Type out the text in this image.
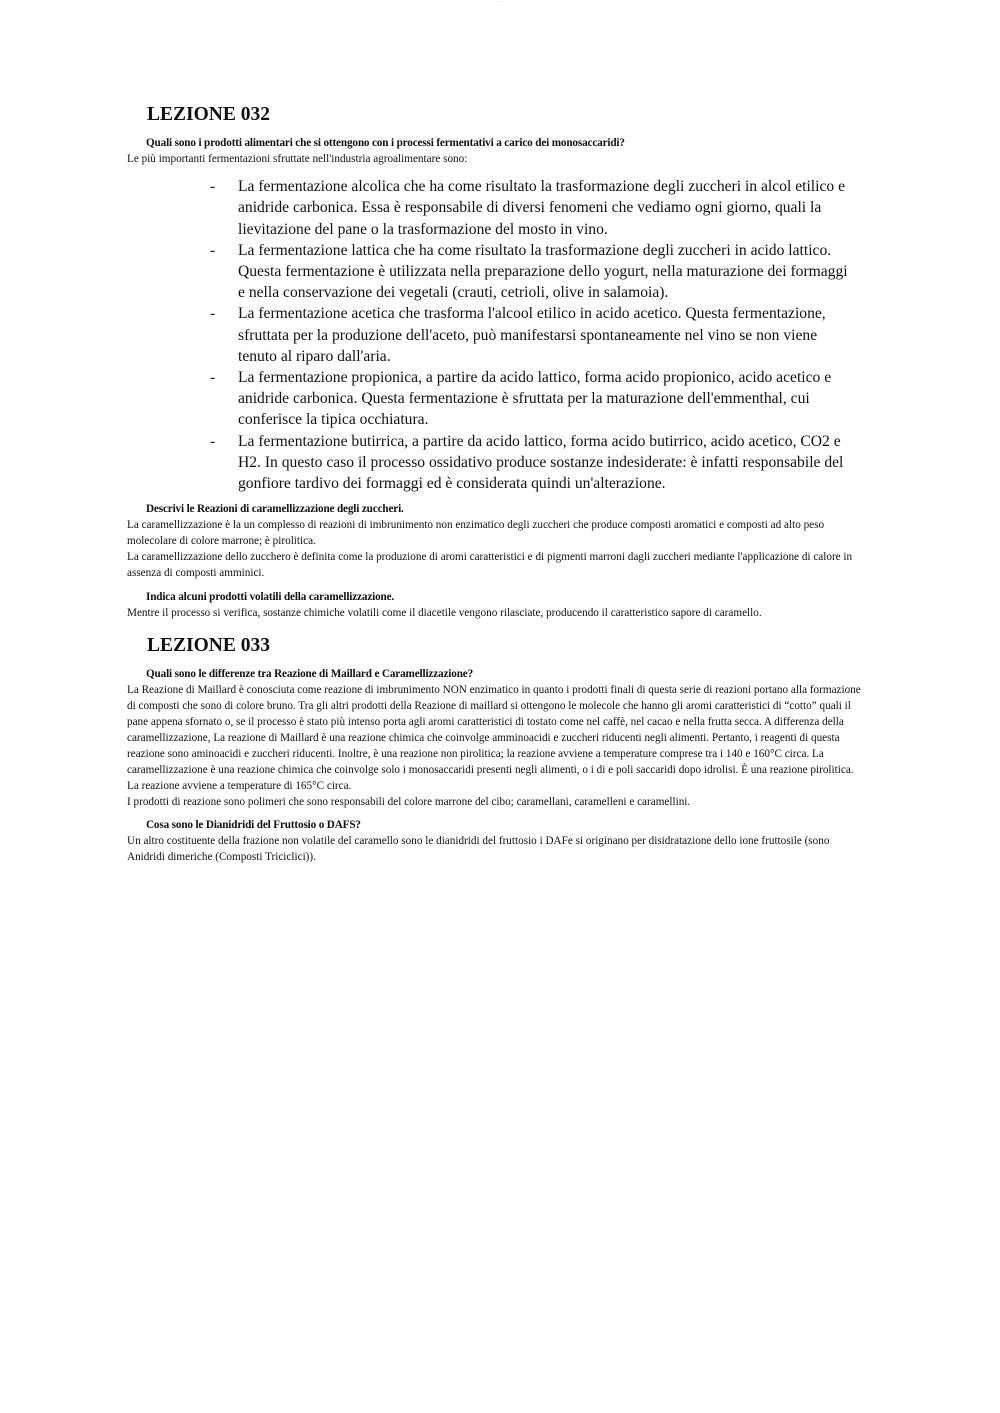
· · ·
LEZIONE 032
Quali sono i prodotti alimentari che si ottengono con i processi fermentativi a carico dei monosaccaridi?

Le più importanti fermentazioni sfruttate nell'industria agroalimentare sono:

- La fermentazione alcolica che ha come risultato la trasformazione degli zuccheri in alcol etilico e anidride carbonica. Essa è responsabile di diversi fenomeni che vediamo ogni giorno, quali la lievitazione del pane o la trasformazione del mosto in vino.
- La fermentazione lattica che ha come risultato la trasformazione degli zuccheri in acido lattico. Questa fermentazione è utilizzata nella preparazione dello yogurt, nella maturazione dei formaggi e nella conservazione dei vegetali (crauti, cetrioli, olive in salamoia).
- La fermentazione acetica che trasforma l'alcool etilico in acido acetico. Questa fermentazione, sfruttata per la produzione dell'aceto, può manifestarsi spontaneamente nel vino se non viene tenuto al riparo dall'aria.
- La fermentazione propionica, a partire da acido lattico, forma acido propionico, acido acetico e anidride carbonica. Questa fermentazione è sfruttata per la maturazione dell'emmenthal, cui conferisce la tipica occhiatura.
- La fermentazione butirrica, a partire da acido lattico, forma acido butirrico, acido acetico, CO2 e H2. In questo caso il processo ossidativo produce sostanze indesiderate: è infatti responsabile del gonfiore tardivo dei formaggi ed è considerata quindi un'alterazione.
Descrivi le Reazioni di caramellizzazione degli zuccheri.

La caramellizzazione è la un complesso di reazioni di imbrunimento non enzimatico degli zuccheri che produce composti aromatici e composti ad alto peso molecolare di colore marrone; è pirolitica.

La caramellizzazione dello zucchero è definita come la produzione di aromi caratteristici e di pigmenti marroni dagli zuccheri mediante l'applicazione di calore in assenza di composti amminici.

Indica alcuni prodotti volatili della caramellizzazione.

Mentre il processo si verifica, sostanze chimiche volatili come il diacetile vengono rilasciate, producendo il caratteristico sapore di caramello.

LEZIONE 033
Quali sono le differenze tra Reazione di Maillard e Caramellizzazione?

La Reazione di Maillard è conosciuta come reazione di imbrunimento NON enzimatico in quanto i prodotti finali di questa serie di reazioni portano alla formazione di composti che sono di colore bruno. Tra gli altri prodotti della Reazione di maillard si ottengono le molecole che hanno gli aromi caratteristici di “cotto” quali il pane appena sfornato o, se il processo è stato più intenso porta agli aromi caratteristici di tostato come nel caffè, nel cacao e nella frutta secca. A differenza della caramellizzazione, La reazione di Maillard è una reazione chimica che coinvolge amminoacidi e zuccheri riducenti negli alimenti. Pertanto, i reagenti di questa reazione sono aminoacidi e zuccheri riducenti. Inoltre, è una reazione non pirolitica; la reazione avviene a temperature comprese tra i 140 e 160°C circa. La caramellizzazione è una reazione chimica che coinvolge solo i monosaccaridi presenti negli alimenti, o i di e poli saccaridi dopo idrolisi. È una reazione pirolitica. La reazione avviene a temperature di 165°C circa.

I prodotti di reazione sono polimeri che sono responsabili del colore marrone del cibo; caramellani, caramelleni e caramellini.

Cosa sono le Dianidridi del Fruttosio o DAFS?

Un altro costituente della frazione non volatile del caramello sono le dianidridi del fruttosio i DAFe si originano per disidratazione dello ione fruttosile (sono Anidridi dimeriche (Composti Triciclici)).
